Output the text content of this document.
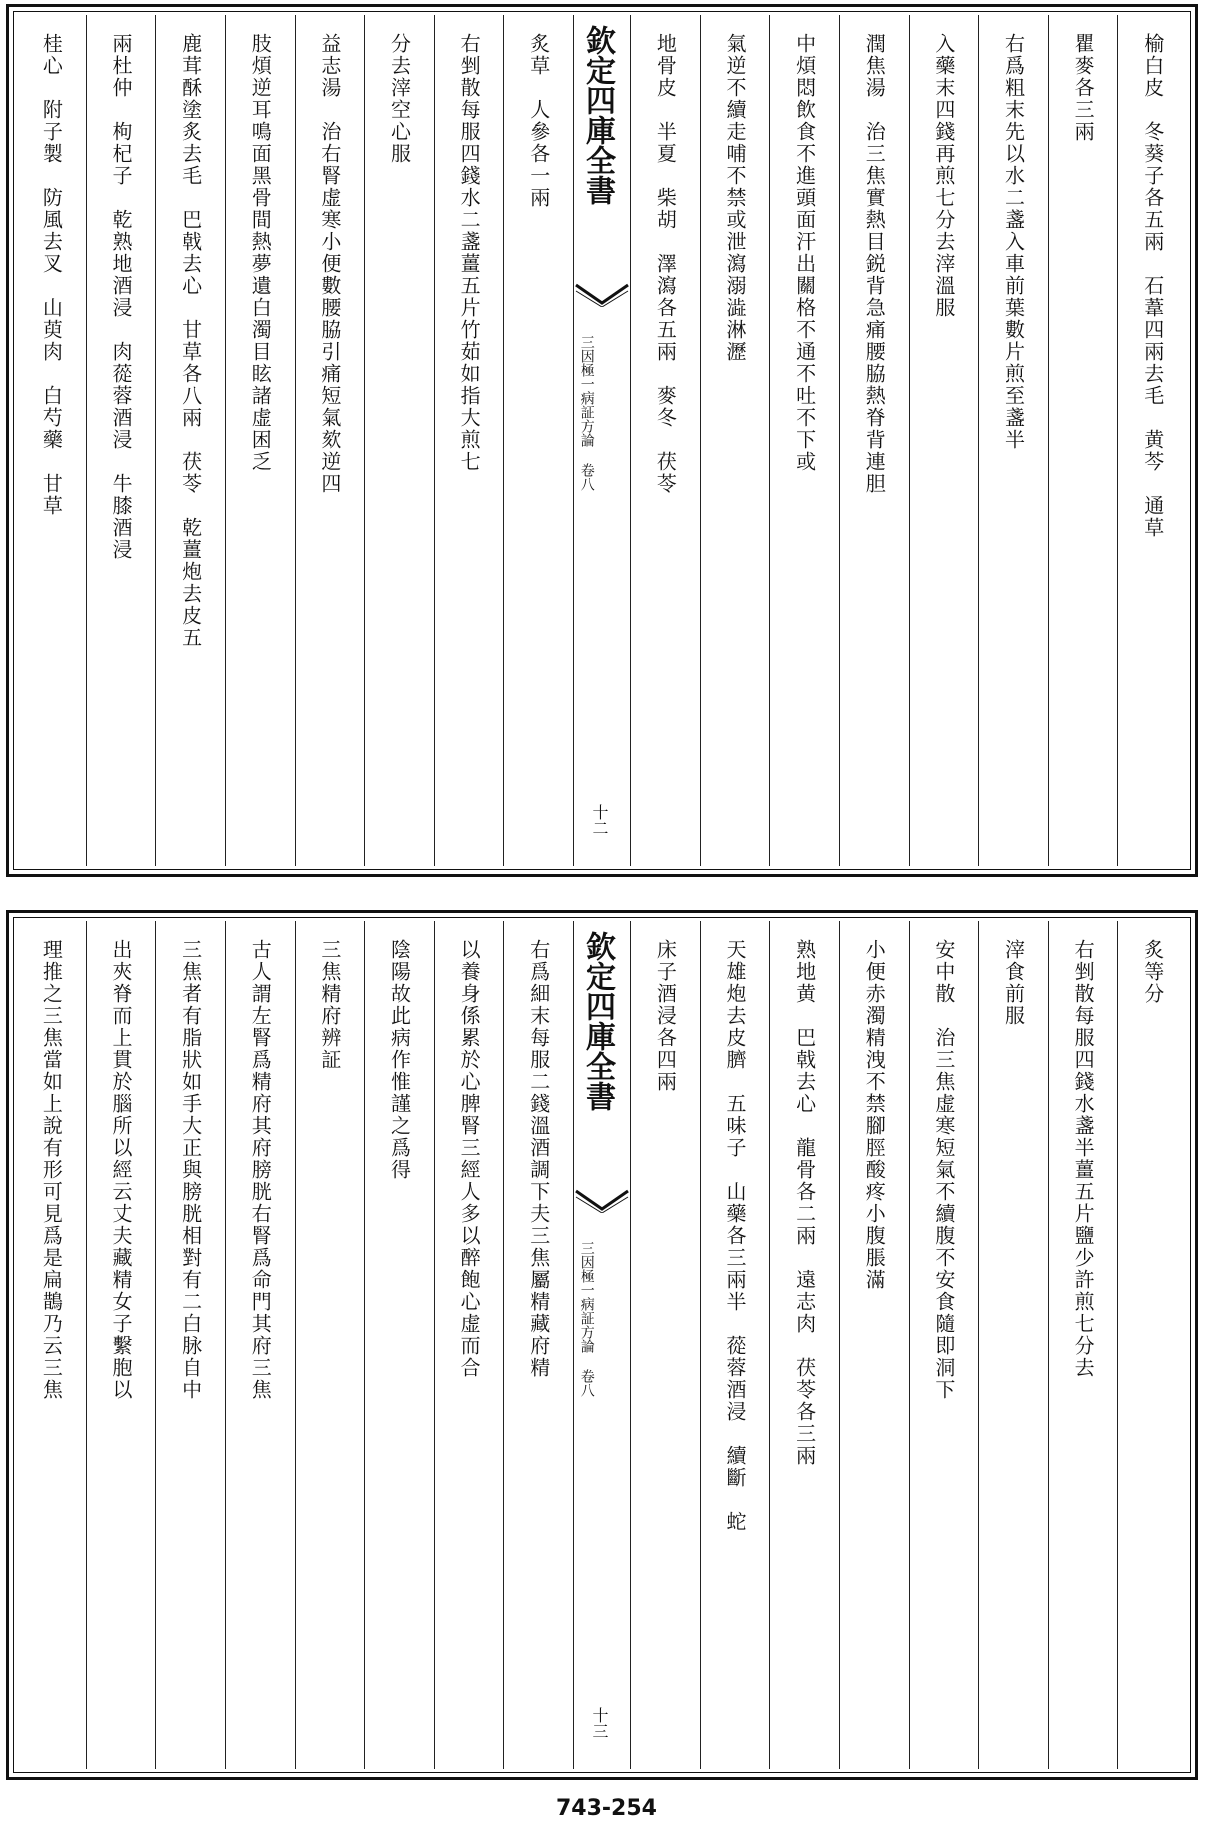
榆白皮　冬葵子各五兩　石葦四兩去毛　黄芩　通草
瞿麥各三兩
右爲粗末先以水二盞入車前葉數片煎至盞半
入藥末四錢再煎七分去滓溫服
潤焦湯　治三焦實熱目鋭背急痛腰脇熱脊背連胆
中煩悶飲食不進頭面汗出關格不通不吐不下或
氣逆不續走哺不禁或泄瀉溺澁淋瀝
地骨皮　半夏　柴胡　澤瀉各五兩　麥冬　茯苓
欽定四庫全書
三因極一病証方論 卷八
十二
炙草　人參各一兩
右剉散每服四錢水二盞薑五片竹茹如指大煎七
分去滓空心服
益志湯　治右腎虚寒小便數腰脇引痛短氣欬逆四
肢煩逆耳鳴面黑骨間熱夢遺白濁目眩諸虚困乏
鹿茸酥塗炙去毛　巴戟去心　甘草各八兩　茯苓　乾薑炮去皮五
兩杜仲　枸杞子　乾熟地酒浸　肉蓯蓉酒浸　牛膝酒浸
桂心　附子製　防風去叉　山萸肉　白芍藥　甘草
炙等分
右剉散每服四錢水盞半薑五片鹽少許煎七分去
滓食前服
安中散　治三焦虚寒短氣不續腹不安食隨即洞下
小便赤濁精洩不禁腳脛酸疼小腹脹滿
熟地黄　巴戟去心　龍骨各二兩　遠志肉　茯苓各三兩
天雄炮去皮臍　五味子　山藥各三兩半　蓯蓉酒浸　續斷　蛇
床子酒浸各四兩
欽定四庫全書
三因極一病証方論 卷八
十三
右爲細末每服二錢溫酒調下夫三焦屬精藏府精
以養身係累於心脾腎三經人多以醉飽心虚而合
陰陽故此病作惟謹之爲得
三焦精府辨証
古人謂左腎爲精府其府膀胱右腎爲命門其府三焦
三焦者有脂狀如手大正與膀胱相對有二白脉自中
出夾脊而上貫於腦所以經云丈夫藏精女子繫胞以
理推之三焦當如上說有形可見爲是扁鵲乃云三焦
743-254
